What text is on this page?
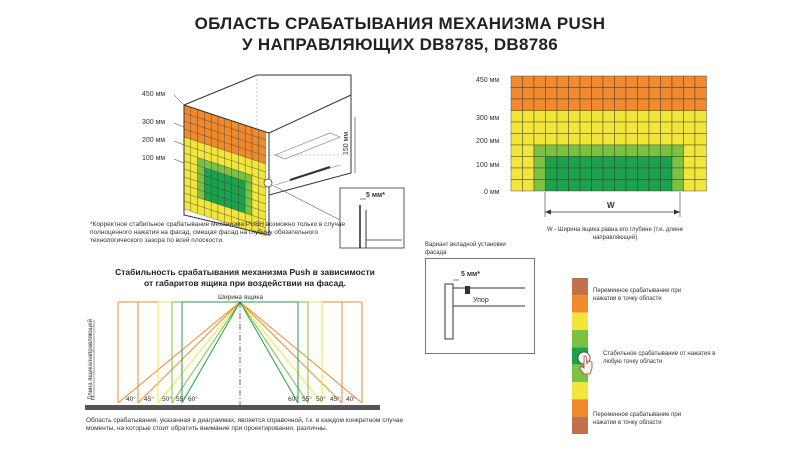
ОБЛАСТЬ СРАБАТЫВАНИЯ МЕХАНИЗМА PUSH
У НАПРАВЛЯЮЩИХ DB8785, DB8786
150 мм
5 мм*
450 мм
300 мм
200 мм
100 мм
*Корректное стабильное срабатывание механизма PUSH возможно только в случае полноценного нажатия на фасад, смещая фасад на глубину обязательного технологического зазора по всей плоскости.
450 мм
300 мм
200 мм
100 мм
0 мм
W
W - Ширина ящика равна его глубине (т.е. длине направляющей)
Стабильность срабатывания механизма Push в зависимости
от габаритов ящика при воздействии на фасад.
Длина ящика/направляющей
Ширина ящика
40° 45° 50° 55° 60°	60° 55° 50° 45° 40°
Область срабатывания, указанная в диаграммах, является справочной, т.к. в каждом конкретном случае моменты, на которые стоит обратить внимание при проектировании, различны.
Вариант вкладной установки фасада
5 мм*
Упор
Переменное срабатывание при нажатии в точку области
Стабильное срабатывание от нажатия в любую точку области
Переменное срабатывание при нажатии в точку области
